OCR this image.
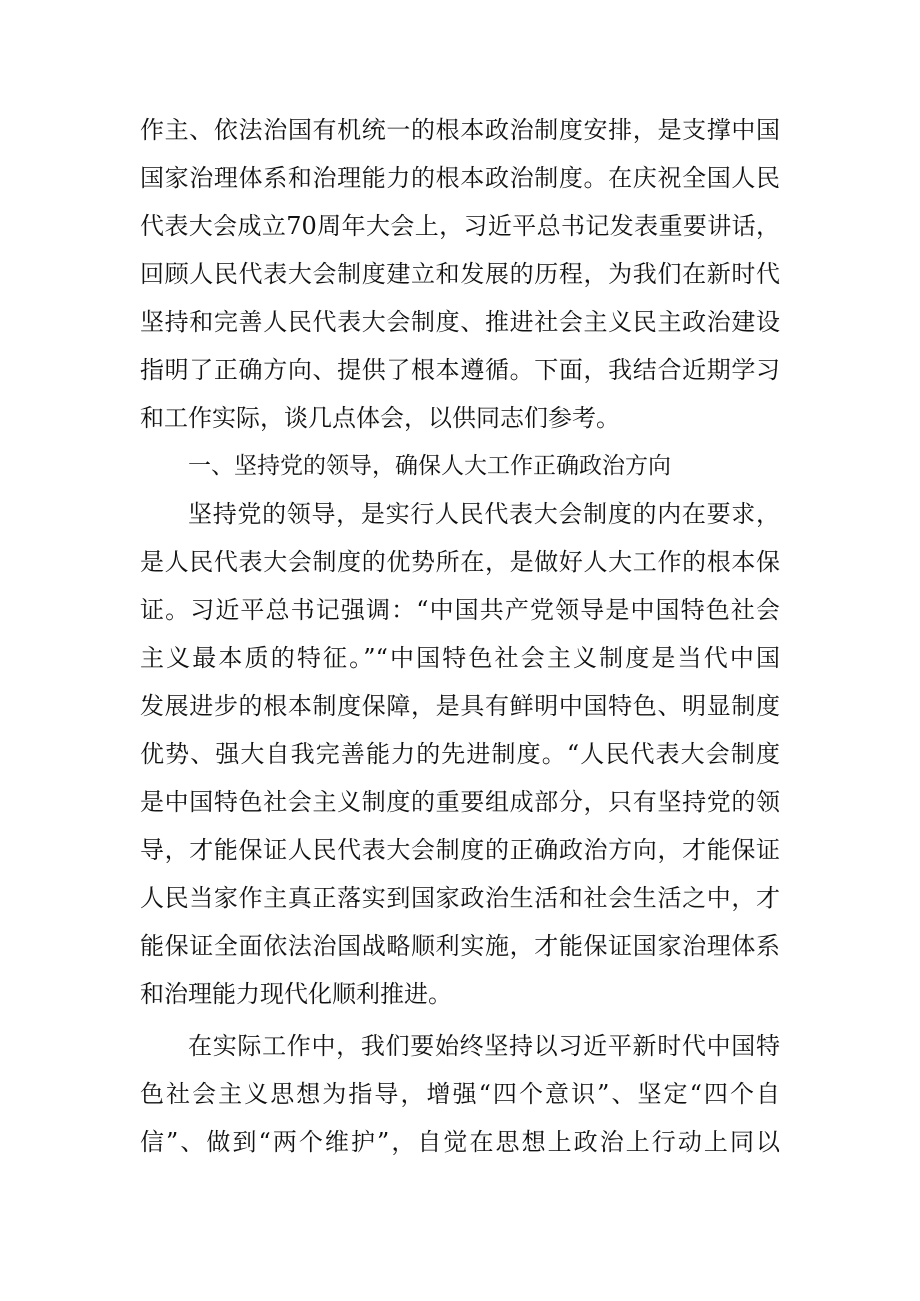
作主、依法治国有机统一的根本政治制度安排，是支撑中国
国家治理体系和治理能力的根本政治制度。在庆祝全国人民
代表大会成立70周年大会上，习近平总书记发表重要讲话，
回顾人民代表大会制度建立和发展的历程，为我们在新时代
坚持和完善人民代表大会制度、推进社会主义民主政治建设
指明了正确方向、提供了根本遵循。下面，我结合近期学习
和工作实际，谈几点体会，以供同志们参考。
一、坚持党的领导，确保人大工作正确政治方向
坚持党的领导，是实行人民代表大会制度的内在要求，
是人民代表大会制度的优势所在，是做好人大工作的根本保
证。习近平总书记强调：“中国共产党领导是中国特色社会
主义最本质的特征。”“中国特色社会主义制度是当代中国
发展进步的根本制度保障，是具有鲜明中国特色、明显制度
优势、强大自我完善能力的先进制度。“人民代表大会制度
是中国特色社会主义制度的重要组成部分，只有坚持党的领
导，才能保证人民代表大会制度的正确政治方向，才能保证
人民当家作主真正落实到国家政治生活和社会生活之中，才
能保证全面依法治国战略顺利实施，才能保证国家治理体系
和治理能力现代化顺利推进。
在实际工作中，我们要始终坚持以习近平新时代中国特
色社会主义思想为指导，增强“四个意识”、坚定“四个自
信”、做到“两个维护”，自觉在思想上政治上行动上同以
